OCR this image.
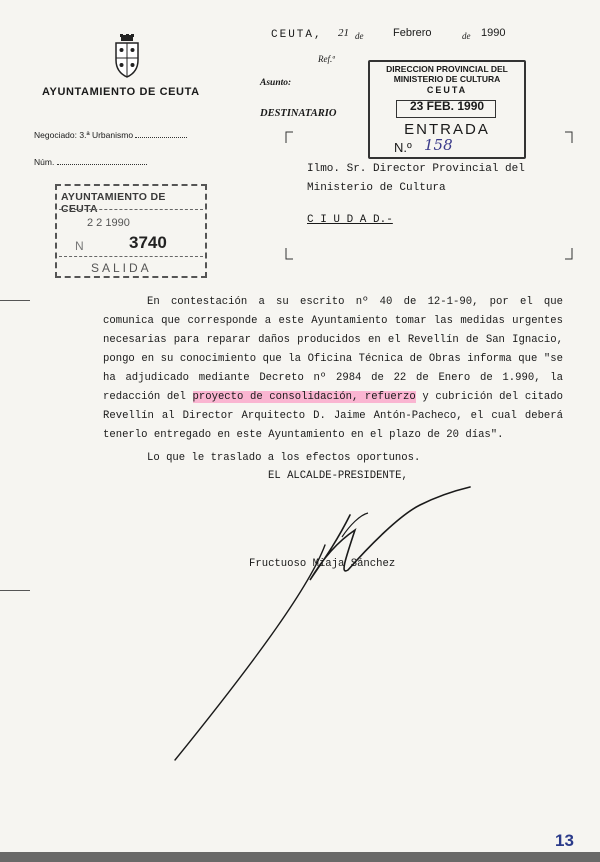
AYUNTAMIENTO DE CEUTA
Negociado: 3.ª Urbanismo
Núm.
AYUNTAMIENTO DE CEUTA
2 2 1990
N	3740
SALIDA
CEUTA, 21 de	Febrero	de 1990
Ref.ª
Asunto:
DESTINATARIO
DIRECCION PROVINCIAL DEL MINISTERIO DE CULTURA
CEUTA
23 FEB. 1990
ENTRADA
N.º 158
Ilmo. Sr. Director Provincial del
Ministerio de Cultura
C I U D A D.-

En contestación a su escrito nº 40 de 12-1-90, por el que comunica que corresponde a este Ayuntamiento tomar las medidas urgentes necesarias para reparar daños producidos en el Revellín de San Ignacio, pongo en su conocimiento que la Oficina Técnica de Obras informa que "se ha adjudicado mediante Decreto nº 2984 de 22 de Enero de 1.990, la redacción del proyecto de consolidación, refuerzo y cubrición del citado Revellín al Director Arquitecto D. Jaime Antón-Pacheco, el cual deberá tenerlo entregado en este Ayuntamiento en el plazo de 20 días".

Lo que le traslado a los efectos oportunos.

EL ALCALDE-PRESIDENTE,
Fructuoso Miaja Sánchez
13
